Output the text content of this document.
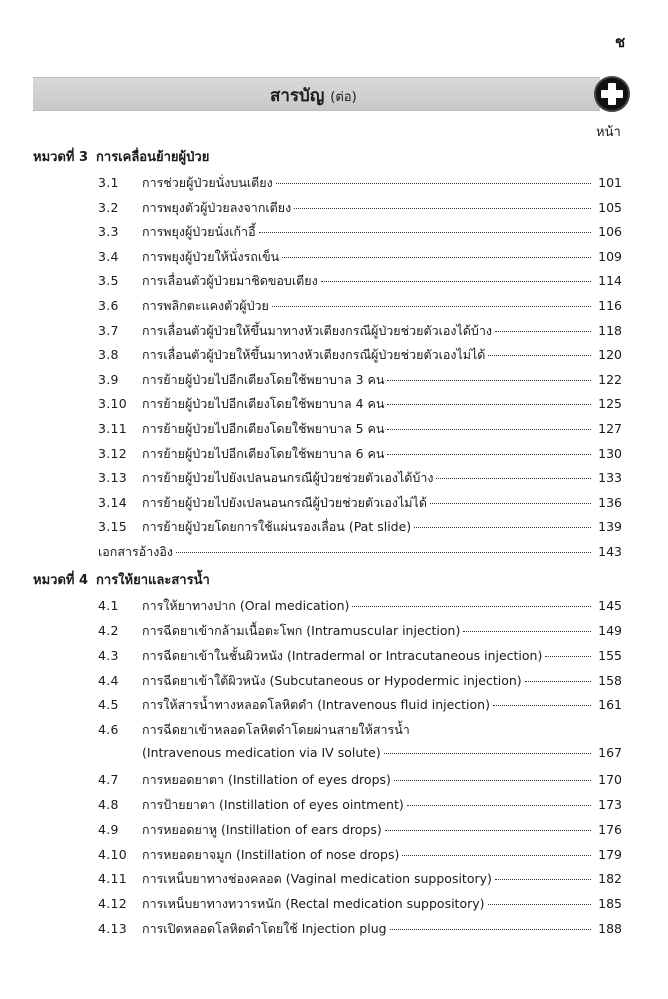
ช
สารบัญ (ต่อ)
หน้า
หมวดที่ 3 การเคลื่อนย้ายผู้ป่วย
3.1	การช่วยผู้ป่วยนั่งบนเตียง	101
3.2	การพยุงตัวผู้ป่วยลงจากเตียง	105
3.3	การพยุงผู้ป่วยนั่งเก้าอี้	106
3.4	การพยุงผู้ป่วยให้นั่งรถเข็น	109
3.5	การเลื่อนตัวผู้ป่วยมาชิดขอบเตียง	114
3.6	การพลิกตะแคงตัวผู้ป่วย	116
3.7	การเลื่อนตัวผู้ป่วยให้ขึ้นมาทางหัวเตียงกรณีผู้ป่วยช่วยตัวเองได้บ้าง	118
3.8	การเลื่อนตัวผู้ป่วยให้ขึ้นมาทางหัวเตียงกรณีผู้ป่วยช่วยตัวเองไม่ได้	120
3.9	การย้ายผู้ป่วยไปอีกเตียงโดยใช้พยาบาล 3 คน	122
3.10	การย้ายผู้ป่วยไปอีกเตียงโดยใช้พยาบาล 4 คน	125
3.11	การย้ายผู้ป่วยไปอีกเตียงโดยใช้พยาบาล 5 คน	127
3.12	การย้ายผู้ป่วยไปอีกเตียงโดยใช้พยาบาล 6 คน	130
3.13	การย้ายผู้ป่วยไปยังเปลนอนกรณีผู้ป่วยช่วยตัวเองได้บ้าง	133
3.14	การย้ายผู้ป่วยไปยังเปลนอนกรณีผู้ป่วยช่วยตัวเองไม่ได้	136
3.15	การย้ายผู้ป่วยโดยการใช้แผ่นรองเลื่อน (Pat slide)	139
เอกสารอ้างอิง	143
หมวดที่ 4 การให้ยาและสารน้ำ
4.1	การให้ยาทางปาก (Oral medication)	145
4.2	การฉีดยาเข้ากล้ามเนื้อตะโพก (Intramuscular injection)	149
4.3	การฉีดยาเข้าในชั้นผิวหนัง (Intradermal or Intracutaneous injection)	155
4.4	การฉีดยาเข้าใต้ผิวหนัง (Subcutaneous or Hypodermic injection)	158
4.5	การให้สารน้ำทางหลอดโลหิตดำ (Intravenous fluid injection)	161
4.6	การฉีดยาเข้าหลอดโลหิตดำโดยผ่านสายให้สารน้ำ
(Intravenous medication via IV solute)	167
4.7	การหยอดยาตา (Instillation of eyes drops)	170
4.8	การป้ายยาตา (Instillation of eyes ointment)	173
4.9	การหยอดยาหู (Instillation of ears drops)	176
4.10	การหยอดยาจมูก (Instillation of nose drops)	179
4.11	การเหน็บยาทางช่องคลอด (Vaginal medication suppository)	182
4.12	การเหน็บยาทางทวารหนัก (Rectal medication suppository)	185
4.13	การเปิดหลอดโลหิตดำโดยใช้ Injection plug	188
